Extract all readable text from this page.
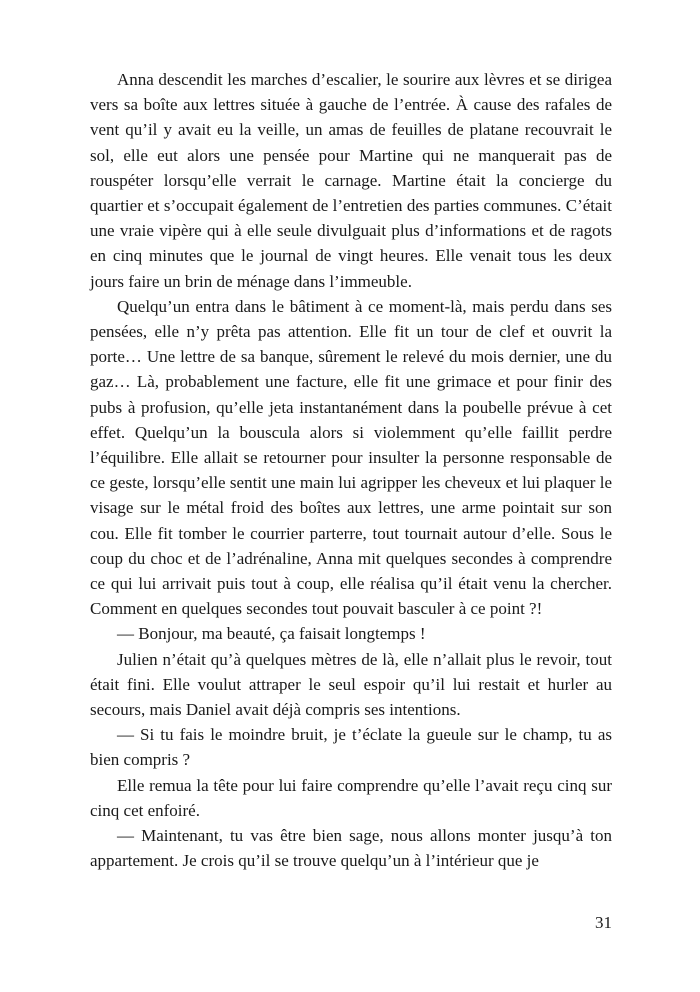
Anna descendit les marches d’escalier, le sourire aux lèvres et se dirigea vers sa boîte aux lettres située à gauche de l’entrée. À cause des rafales de vent qu’il y avait eu la veille, un amas de feuilles de platane recouvrait le sol, elle eut alors une pensée pour Martine qui ne manquerait pas de rouspéter lorsqu’elle verrait le carnage. Martine était la concierge du quartier et s’occupait également de l’entretien des parties communes. C’était une vraie vipère qui à elle seule divulguait plus d’informations et de ragots en cinq minutes que le journal de vingt heures. Elle venait tous les deux jours faire un brin de ménage dans l’immeuble.

Quelqu’un entra dans le bâtiment à ce moment-là, mais perdu dans ses pensées, elle n’y prêta pas attention. Elle fit un tour de clef et ouvrit la porte… Une lettre de sa banque, sûrement le relevé du mois dernier, une du gaz… Là, probablement une facture, elle fit une grimace et pour finir des pubs à profusion, qu’elle jeta instantanément dans la poubelle prévue à cet effet. Quelqu’un la bouscula alors si violemment qu’elle faillit perdre l’équilibre. Elle allait se retourner pour insulter la personne responsable de ce geste, lorsqu’elle sentit une main lui agripper les cheveux et lui plaquer le visage sur le métal froid des boîtes aux lettres, une arme pointait sur son cou. Elle fit tomber le courrier parterre, tout tournait autour d’elle. Sous le coup du choc et de l’adrénaline, Anna mit quelques secondes à comprendre ce qui lui arrivait puis tout à coup, elle réalisa qu’il était venu la chercher. Comment en quelques secondes tout pouvait basculer à ce point ?!

— Bonjour, ma beauté, ça faisait longtemps !

Julien n’était qu’à quelques mètres de là, elle n’allait plus le revoir, tout était fini. Elle voulut attraper le seul espoir qu’il lui restait et hurler au secours, mais Daniel avait déjà compris ses intentions.

— Si tu fais le moindre bruit, je t’éclate la gueule sur le champ, tu as bien compris ?

Elle remua la tête pour lui faire comprendre qu’elle l’avait reçu cinq sur cinq cet enfoiré.

— Maintenant, tu vas être bien sage, nous allons monter jusqu’à ton appartement. Je crois qu’il se trouve quelqu’un à l’intérieur que je

31
